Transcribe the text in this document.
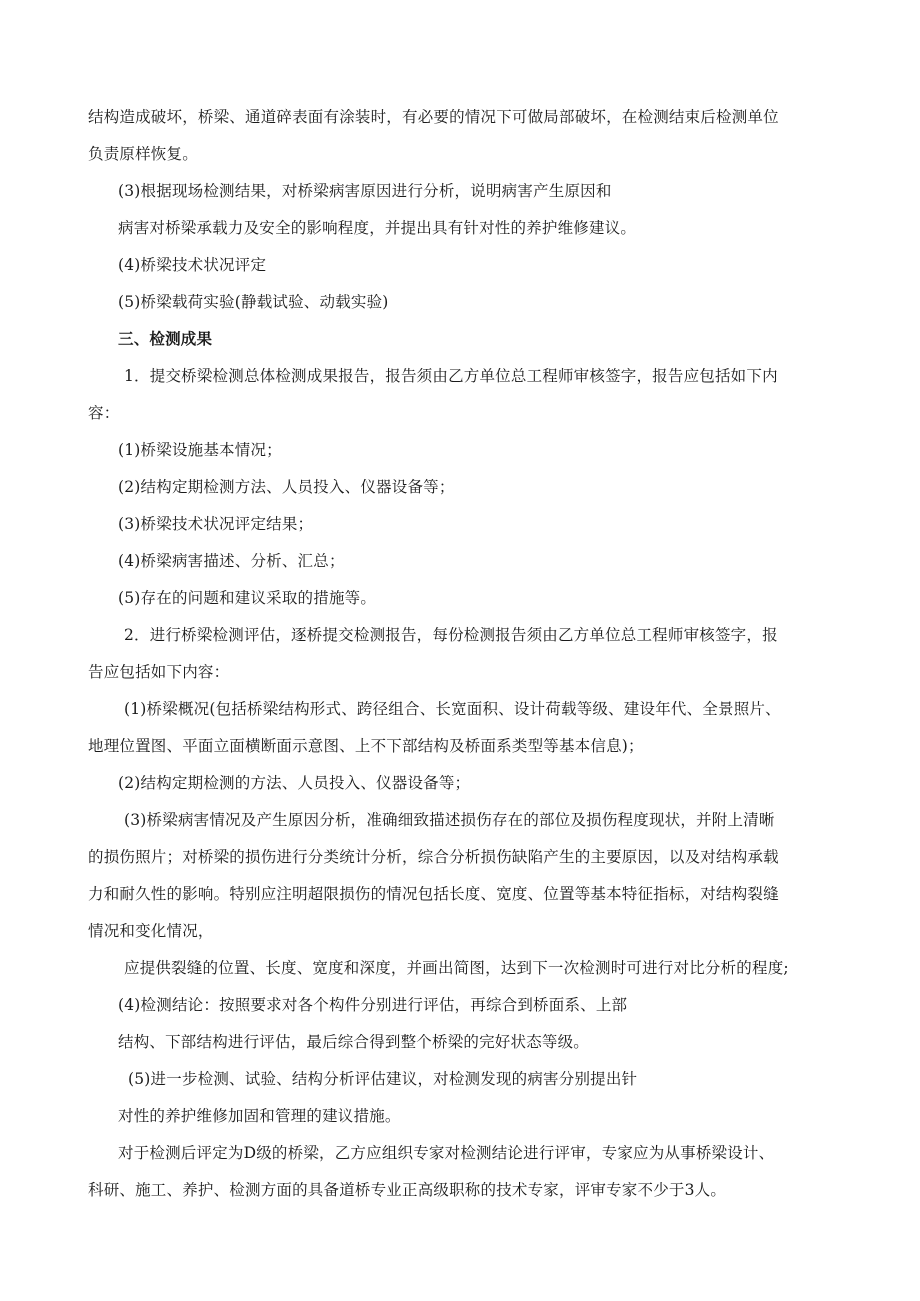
结构造成破坏，桥梁、通道碎表面有涂装时，有必要的情况下可做局部破坏，在检测结束后检测单位
负责原样恢复。
(3)根据现场检测结果，对桥梁病害原因进行分析，说明病害产生原因和
病害对桥梁承载力及安全的影响程度，并提出具有针对性的养护维修建议。
(4)桥梁技术状况评定
(5)桥梁载荷实验(静载试验、动载实验)
三、检测成果
1．提交桥梁检测总体检测成果报告，报告须由乙方单位总工程师审核签字，报告应包括如下内
容：
(1)桥梁设施基本情况；
(2)结构定期检测方法、人员投入、仪器设备等；
(3)桥梁技术状况评定结果；
(4)桥梁病害描述、分析、汇总；
(5)存在的问题和建议采取的措施等。
2．进行桥梁检测评估，逐桥提交检测报告，每份检测报告须由乙方单位总工程师审核签字，报
告应包括如下内容：
(1)桥梁概况(包括桥梁结构形式、跨径组合、长宽面积、设计荷载等级、建设年代、全景照片、
地理位置图、平面立面横断面示意图、上不下部结构及桥面系类型等基本信息)；
(2)结构定期检测的方法、人员投入、仪器设备等；
(3)桥梁病害情况及产生原因分析，准确细致描述损伤存在的部位及损伤程度现状，并附上清晰
的损伤照片；对桥梁的损伤进行分类统计分析，综合分析损伤缺陷产生的主要原因，以及对结构承载
力和耐久性的影响。特别应注明超限损伤的情况包括长度、宽度、位置等基本特征指标，对结构裂缝
情况和变化情况，
应提供裂缝的位置、长度、宽度和深度，并画出简图，达到下一次检测时可进行对比分析的程度;
(4)检测结论：按照要求对各个构件分别进行评估，再综合到桥面系、上部
结构、下部结构进行评估，最后综合得到整个桥梁的完好状态等级。
(5)进一步检测、试验、结构分析评估建议，对检测发现的病害分别提出针
对性的养护维修加固和管理的建议措施。
对于检测后评定为D级的桥梁，乙方应组织专家对检测结论进行评审，专家应为从事桥梁设计、
科研、施工、养护、检测方面的具备道桥专业正高级职称的技术专家，评审专家不少于3人。
